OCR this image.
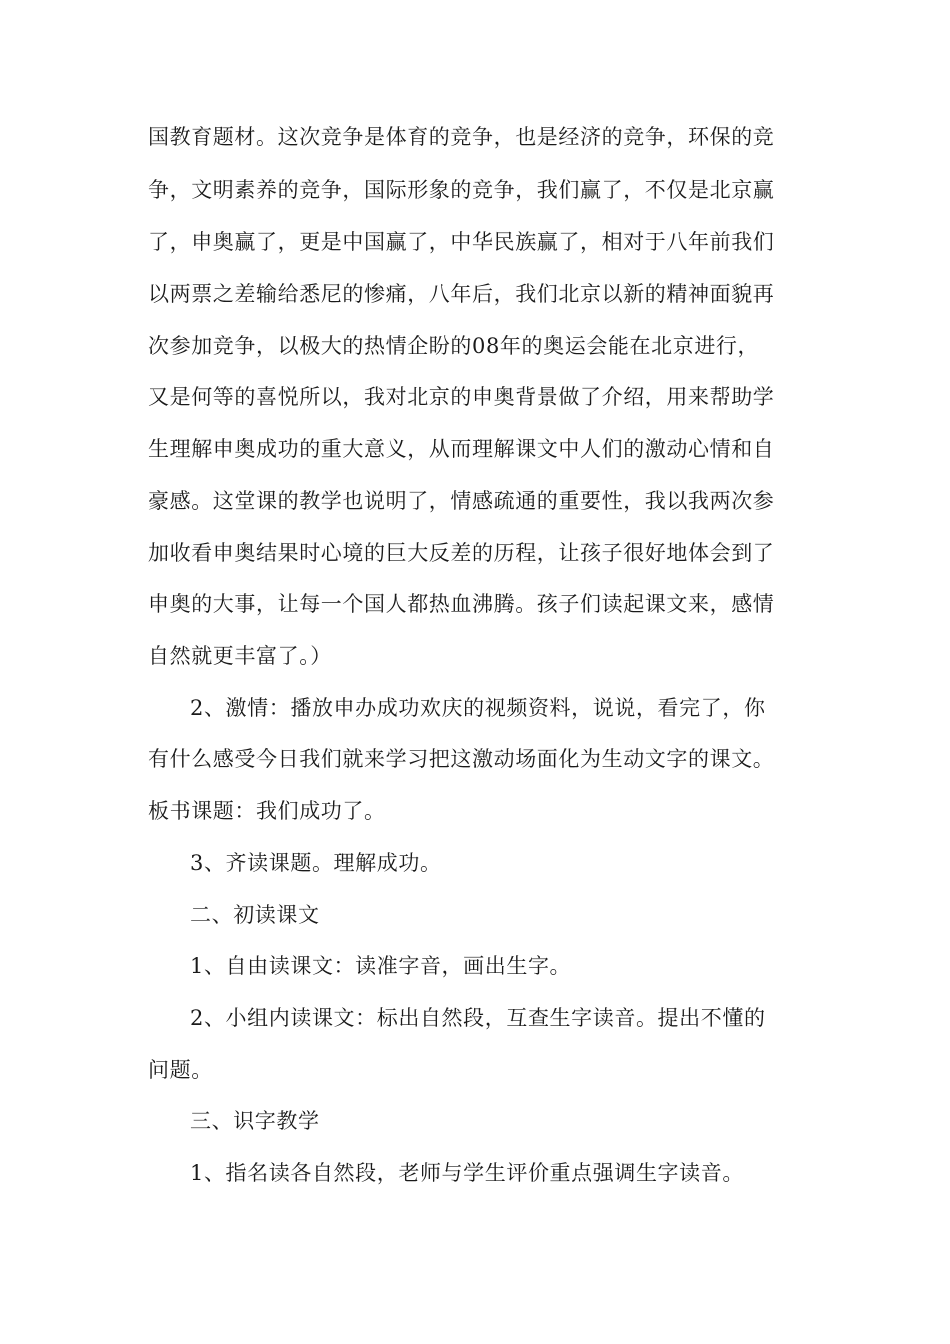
国教育题材。这次竞争是体育的竞争，也是经济的竞争，环保的竞
争，文明素养的竞争，国际形象的竞争，我们赢了，不仅是北京赢
了，申奥赢了，更是中国赢了，中华民族赢了，相对于八年前我们
以两票之差输给悉尼的惨痛，八年后，我们北京以新的精神面貌再
次参加竞争，以极大的热情企盼的08年的奥运会能在北京进行，
又是何等的喜悦所以，我对北京的申奥背景做了介绍，用来帮助学
生理解申奥成功的重大意义，从而理解课文中人们的激动心情和自
豪感。这堂课的教学也说明了，情感疏通的重要性，我以我两次参
加收看申奥结果时心境的巨大反差的历程，让孩子很好地体会到了
申奥的大事，让每一个国人都热血沸腾。孩子们读起课文来，感情
自然就更丰富了。）
2、激情：播放申办成功欢庆的视频资料，说说，看完了，你
有什么感受今日我们就来学习把这激动场面化为生动文字的课文。
板书课题：我们成功了。
3、齐读课题。理解成功。
二、初读课文
1、自由读课文：读准字音，画出生字。
2、小组内读课文：标出自然段，互查生字读音。提出不懂的
问题。
三、识字教学
1、指名读各自然段，老师与学生评价重点强调生字读音。
